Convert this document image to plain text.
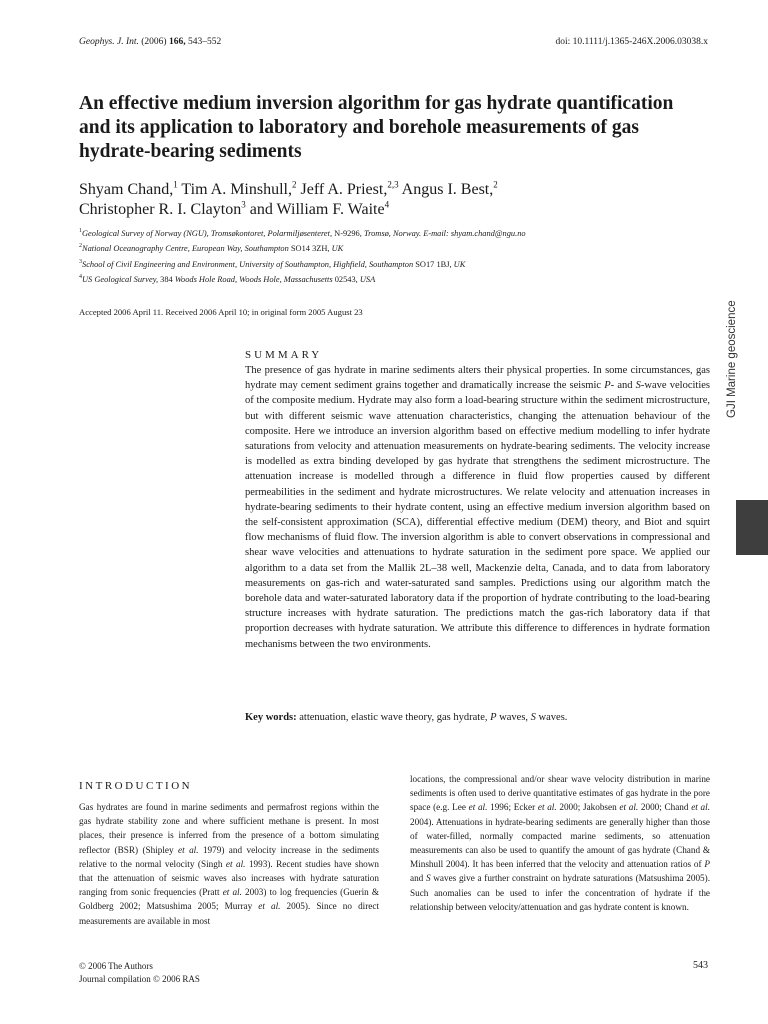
Geophys. J. Int. (2006) 166, 543–552	doi: 10.1111/j.1365-246X.2006.03038.x
An effective medium inversion algorithm for gas hydrate quantification and its application to laboratory and borehole measurements of gas hydrate-bearing sediments
Shyam Chand,$^1$ Tim A. Minshull,$^2$ Jeff A. Priest,$^{2,3}$ Angus I. Best,$^2$
Christopher R. I. Clayton$^3$ and William F. Waite$^4$
$^1$Geological Survey of Norway (NGU), Tromsøkontoret, Polarmiljøsenteret, N-9296, Tromsø, Norway. E-mail: shyam.chand@ngu.no
$^2$National Oceanography Centre, European Way, Southampton SO14 3ZH, UK
$^3$School of Civil Engineering and Environment, University of Southampton, Highfield, Southampton SO17 1BJ, UK
$^4$US Geological Survey, 384 Woods Hole Road, Woods Hole, Massachusetts 02543, USA
Accepted 2006 April 11. Received 2006 April 10; in original form 2005 August 23
SUMMARY
The presence of gas hydrate in marine sediments alters their physical properties. In some circumstances, gas hydrate may cement sediment grains together and dramatically increase the seismic P- and S-wave velocities of the composite medium. Hydrate may also form a load-bearing structure within the sediment microstructure, but with different seismic wave attenuation characteristics, changing the attenuation behaviour of the composite. Here we introduce an inversion algorithm based on effective medium modelling to infer hydrate saturations from velocity and attenuation measurements on hydrate-bearing sediments. The velocity increase is modelled as extra binding developed by gas hydrate that strengthens the sediment microstructure. The attenuation increase is modelled through a difference in fluid flow properties caused by different permeabilities in the sediment and hydrate microstructures. We relate velocity and attenuation increases in hydrate-bearing sediments to their hydrate content, using an effective medium inversion algorithm based on the self-consistent approximation (SCA), differential effective medium (DEM) theory, and Biot and squirt flow mechanisms of fluid flow. The inversion algorithm is able to convert observations in compressional and shear wave velocities and attenuations to hydrate saturation in the sediment pore space. We applied our algorithm to a data set from the Mallik 2L–38 well, Mackenzie delta, Canada, and to data from laboratory measurements on gas-rich and water-saturated sand samples. Predictions using our algorithm match the borehole data and water-saturated laboratory data if the proportion of hydrate contributing to the load-bearing structure increases with hydrate saturation. The predictions match the gas-rich laboratory data if that proportion decreases with hydrate saturation. We attribute this difference to differences in hydrate formation mechanisms between the two environments.
Key words: attenuation, elastic wave theory, gas hydrate, P waves, S waves.
GJI Marine geoscience
INTRODUCTION
Gas hydrates are found in marine sediments and permafrost regions within the gas hydrate stability zone and where sufficient methane is present. In most places, their presence is inferred from the presence of a bottom simulating reflector (BSR) (Shipley et al. 1979) and velocity increase in the sediments relative to the normal velocity (Singh et al. 1993). Recent studies have shown that the attenuation of seismic waves also increases with hydrate saturation ranging from sonic frequencies (Pratt et al. 2003) to log frequencies (Guerin & Goldberg 2002; Matsushima 2005; Murray et al. 2005). Since no direct measurements are available in most
locations, the compressional and/or shear wave velocity distribution in marine sediments is often used to derive quantitative estimates of gas hydrate in the pore space (e.g. Lee et al. 1996; Ecker et al. 2000; Jakobsen et al. 2000; Chand et al. 2004). Attenuations in hydrate-bearing sediments are generally higher than those of water-filled, normally compacted marine sediments, so attenuation measurements can also be used to quantify the amount of gas hydrate (Chand & Minshull 2004). It has been inferred that the velocity and attenuation ratios of P and S waves give a further constraint on hydrate saturations (Matsushima 2005). Such anomalies can be used to infer the concentration of hydrate if the relationship between velocity/attenuation and gas hydrate content is known.
© 2006 The Authors
Journal compilation © 2006 RAS
543
